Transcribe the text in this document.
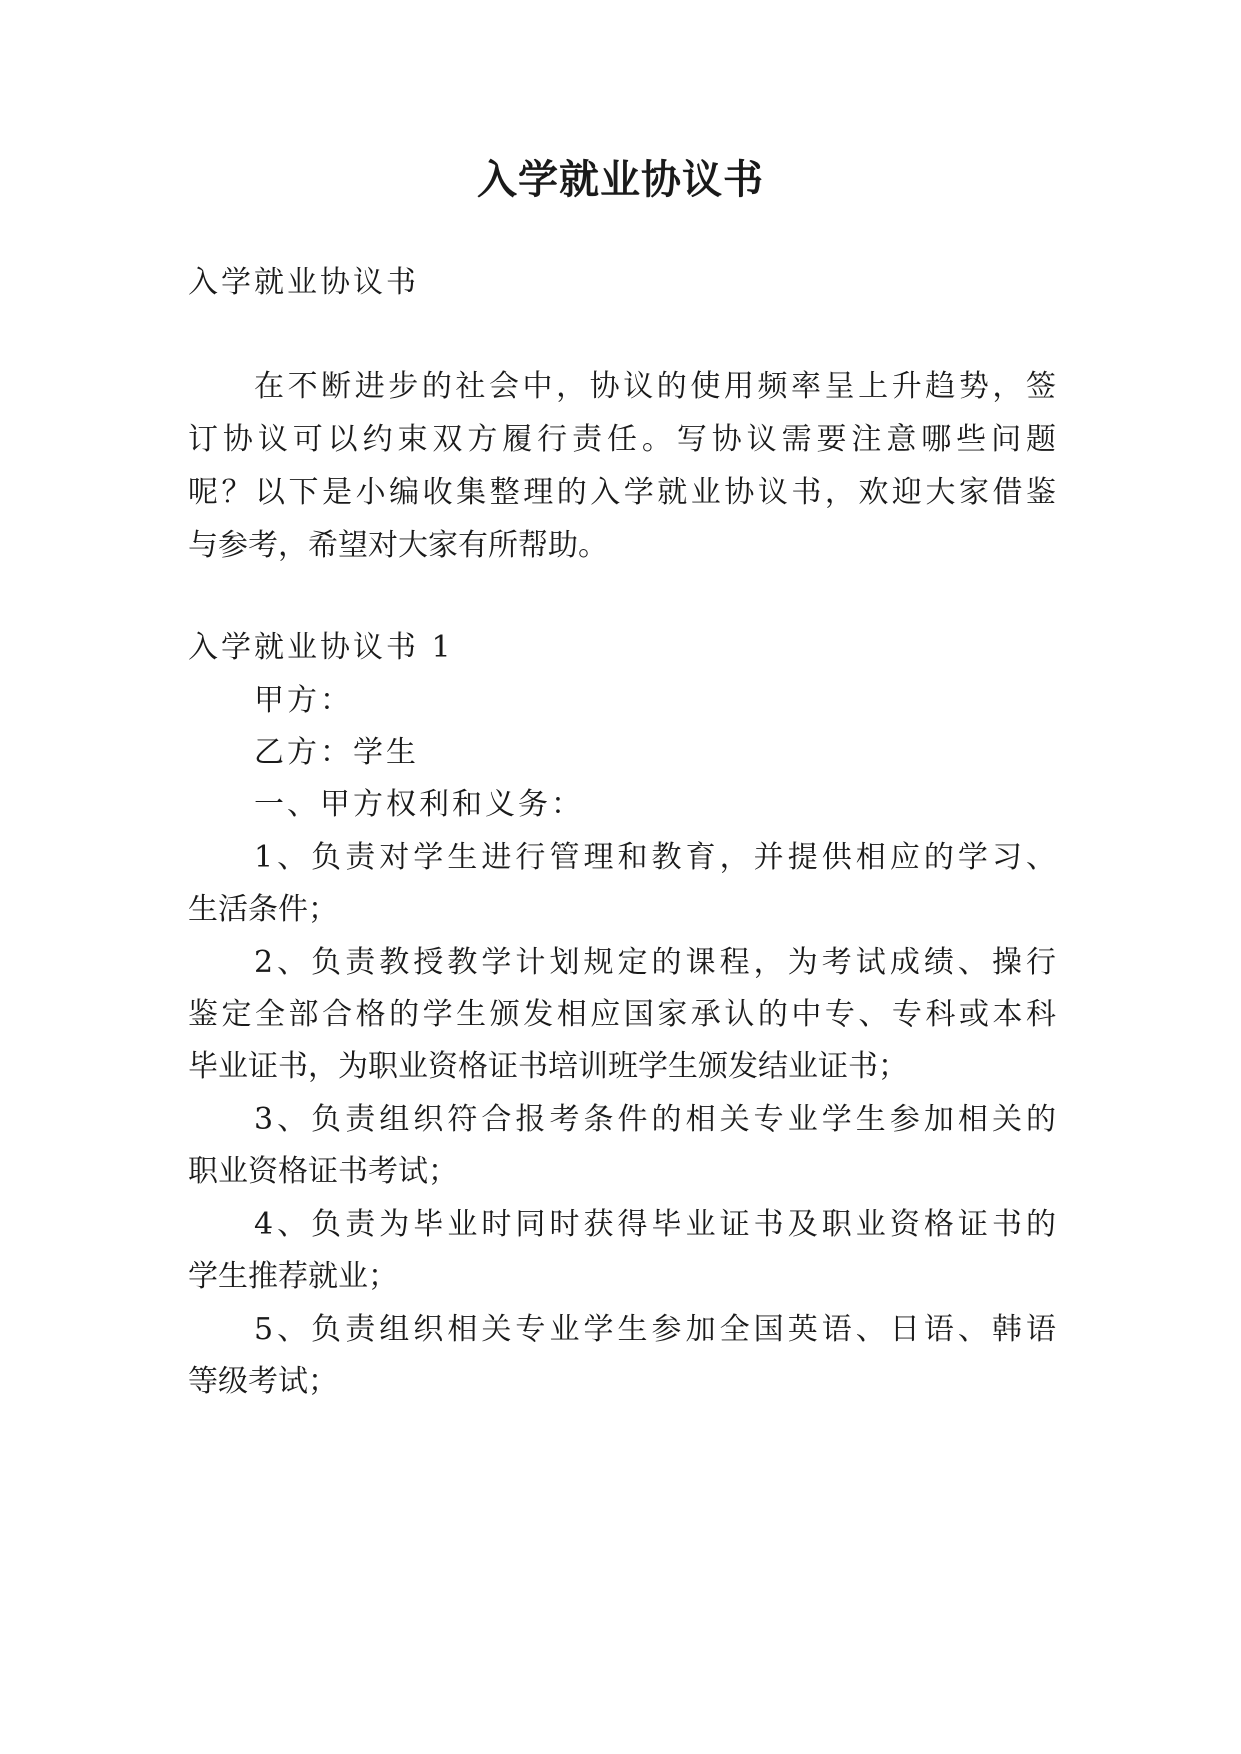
入学就业协议书
入学就业协议书
在不断进步的社会中，协议的使用频率呈上升趋势，签
订协议可以约束双方履行责任。写协议需要注意哪些问题
呢？以下是小编收集整理的入学就业协议书，欢迎大家借鉴
与参考，希望对大家有所帮助。
入学就业协议书 1
甲方：
乙方：学生
一、甲方权利和义务：
1、负责对学生进行管理和教育，并提供相应的学习、
生活条件；
2、负责教授教学计划规定的课程，为考试成绩、操行
鉴定全部合格的学生颁发相应国家承认的中专、专科或本科
毕业证书，为职业资格证书培训班学生颁发结业证书；
3、负责组织符合报考条件的相关专业学生参加相关的
职业资格证书考试；
4、负责为毕业时同时获得毕业证书及职业资格证书的
学生推荐就业；
5、负责组织相关专业学生参加全国英语、日语、韩语
等级考试；
